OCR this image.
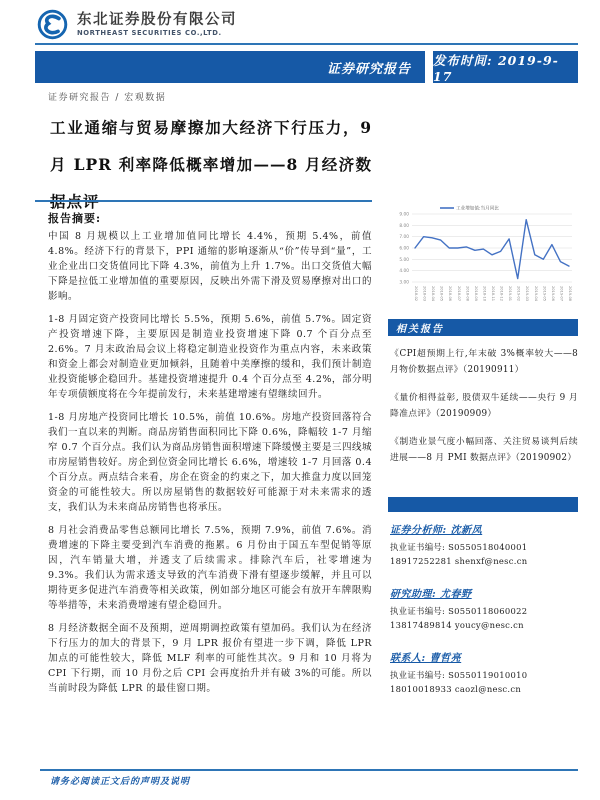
东北证券股份有限公司
NORTHEAST SECURITIES CO.,LTD.
证券研究报告
发布时间: 2019-9-17
证券研究报告 / 宏观数据
工业通缩与贸易摩擦加大经济下行压力，9 月 LPR 利率降低概率增加——8 月经济数
报告摘要:

中国 8 月规模以上工业增加值同比增长 4.4%，预期 5.4%，前值 4.8%。经济下行的背景下，PPI 通缩的影响逐渐从“价”传导到“量”，工业企业出口交货值同比下降 4.3%，前值为上升 1.7%。出口交货值大幅下降是拉低工业增加值的重要原因，反映出外需下滑及贸易摩擦对出口的影响。

1-8 月固定资产投资同比增长 5.5%，预期 5.6%，前值 5.7%。固定资产投资增速下降，主要原因是制造业投资增速下降 0.7 个百分点至 2.6%。7 月末政治局会议上将稳定制造业投资作为重点内容，未来政策和资金上都会对制造业更加倾斜，且随着中美摩擦的缓和，我们预计制造业投资能够企稳回升。基建投资增速提升 0.4 个百分点至 4.2%，部分明年专项债额度将在今年提前发行，未来基建增速有望继续回升。

1-8 月房地产投资同比增长 10.5%，前值 10.6%。房地产投资回落符合我们一直以来的判断。商品房销售面积同比下降 0.6%，降幅较 1-7 月缩窄 0.7 个百分点。我们认为商品房销售面积增速下降缓慢主要是三四线城市房屋销售较好。房企到位资金同比增长 6.6%，增速较 1-7 月回落 0.4 个百分点。两点结合来看，房企在资金的约束之下，加大推盘力度以回笼资金的可能性较大。所以房屋销售的数据较好可能源于对未来需求的透支，我们认为未来商品房销售也将承压。

8 月社会消费品零售总额同比增长 7.5%，预期 7.9%，前值 7.6%。消费增速的下降主要受到汽车消费的拖累。6 月份由于国五车型促销等原因，汽车销量大增，并透支了后续需求。排除汽车后，社零增速为 9.3%。我们认为需求透支导致的汽车消费下滑有望逐步缓解，并且可以期待更多促进汽车消费等相关政策，例如部分地区可能会有放开车牌限购等举措等，未来消费增速有望企稳回升。

8 月经济数据全面不及预期，逆周期调控政策有望加码。我们认为在经济下行压力的加大的背景下，9 月 LPR 报价有望进一步下调，降低 LPR 加点的可能性较大，降低 MLF 利率的可能性其次。9 月和 10 月将为 CPI 下行期，而 10 月份之后 CPI 会再度抬升并有破 3%的可能。所以当前时段为降低 LPR 的最佳窗口期。

3.00
4.00
5.00
6.00
7.00
8.00
9.00
工业增加值:当月同比
2018-02 2018-03 2018-04 2018-05 2018-06 2018-07 2018-08 2018-09 2018-10 2018-11 2018-12 2019-01 2019-02 2019-03 2019-04 2019-05 2019-06 2019-07 2019-08
相关报告
《CPI超预期上行,年末破 3%概率较大——8 月物价数据点评》（20190911）
《量价相得益彰, 股债双牛延续——央行 9 月降准点评》（20190909）
《制造业景气度小幅回落、关注贸易谈判后续进展——8 月 PMI 数据点评》（20190902）
证券分析师: 沈新凤
执业证书编号: S0550518040001
18917252281 shenxf@nesc.cn
研究助理: 尤春野
执业证书编号: S0550118060022
13817489814 youcy@nesc.cn
联系人: 曹哲亮
执业证书编号: S0550119010010
18010018933 caozl@nesc.cn
请务必阅读正文后的声明及说明
